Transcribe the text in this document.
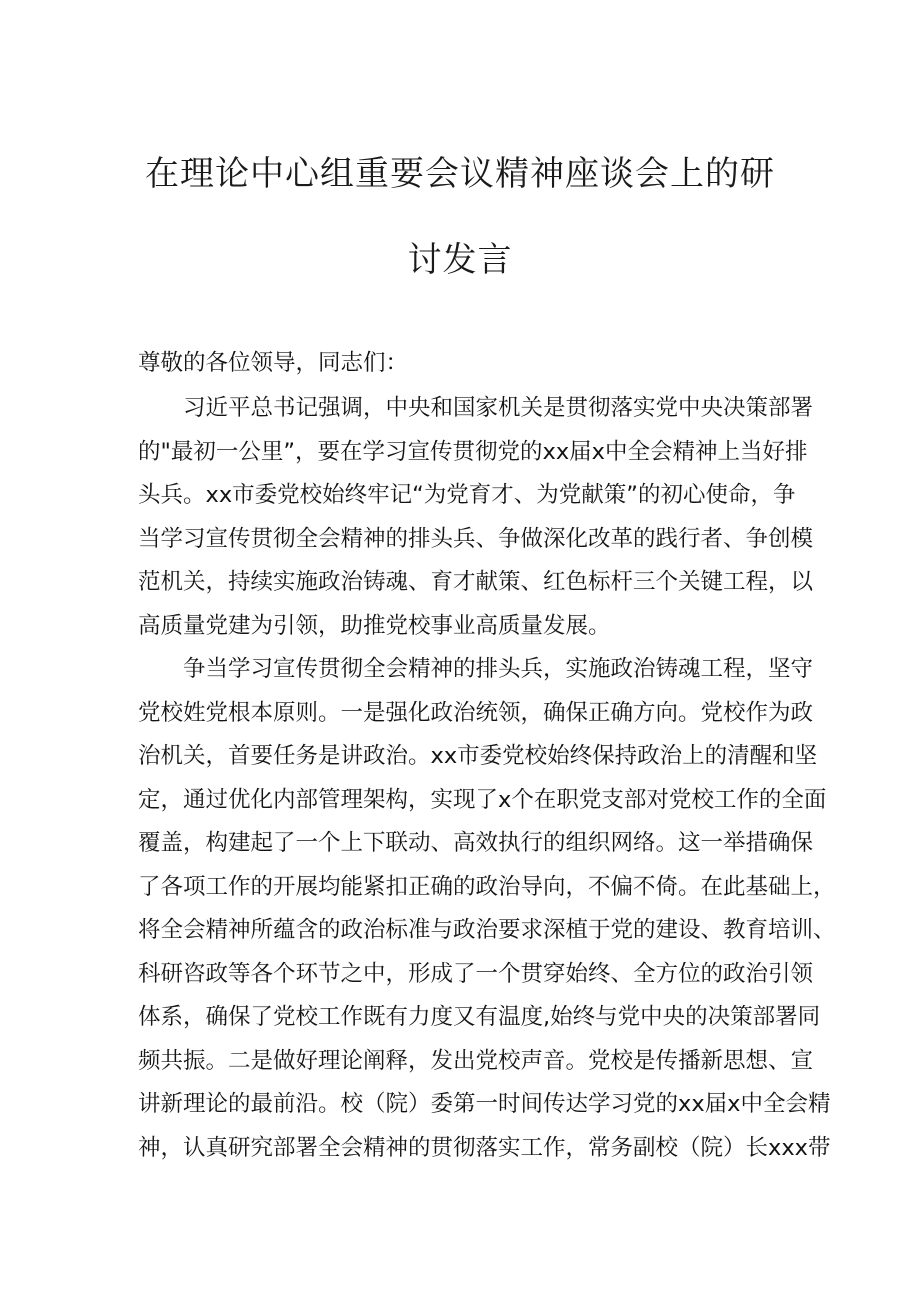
在理论中心组重要会议精神座谈会上的研
讨发言
尊敬的各位领导，同志们：
　　习近平总书记强调，中央和国家机关是贯彻落实党中央决策部署
的"最初一公里”，要在学习宣传贯彻党的xx届x中全会精神上当好排
头兵。xx市委党校始终牢记“为党育才、为党献策”的初心使命，争
当学习宣传贯彻全会精神的排头兵、争做深化改革的践行者、争创模
范机关，持续实施政治铸魂、育才献策、红色标杆三个关键工程，以
高质量党建为引领，助推党校事业高质量发展。
　　争当学习宣传贯彻全会精神的排头兵，实施政治铸魂工程，坚守
党校姓党根本原则。一是强化政治统领，确保正确方向。党校作为政
治机关，首要任务是讲政治。xx市委党校始终保持政治上的清醒和坚
定，通过优化内部管理架构，实现了x个在职党支部对党校工作的全面
覆盖，构建起了一个上下联动、高效执行的组织网络。这一举措确保
了各项工作的开展均能紧扣正确的政治导向，不偏不倚。在此基础上，
将全会精神所蕴含的政治标准与政治要求深植于党的建设、教育培训、
科研咨政等各个环节之中，形成了一个贯穿始终、全方位的政治引领
体系，确保了党校工作既有力度又有温度,始终与党中央的决策部署同
频共振。二是做好理论阐释，发出党校声音。党校是传播新思想、宣
讲新理论的最前沿。校（院）委第一时间传达学习党的xx届x中全会精
神，认真研究部署全会精神的贯彻落实工作，常务副校（院）长xxx带
